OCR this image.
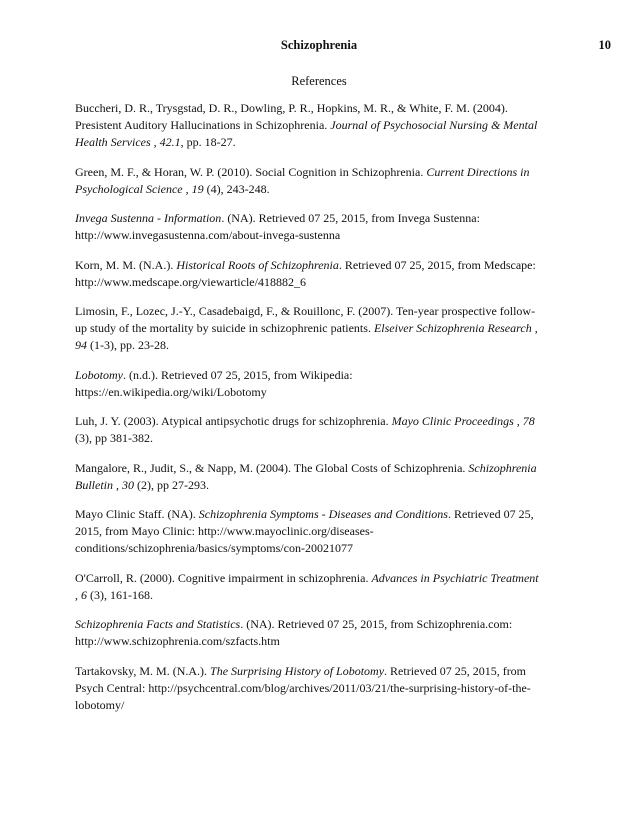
Schizophrenia	10
References
Buccheri, D. R., Trysgstad, D. R., Dowling, P. R., Hopkins, M. R., & White, F. M. (2004).
Presistent Auditory Hallucinations in Schizophrenia. Journal of Psychosocial Nursing & Mental
Health Services , 42.1, pp. 18-27.
Green, M. F., & Horan, W. P. (2010). Social Cognition in Schizophrenia. Current Directions in
Psychological Science , 19 (4), 243-248.
Invega Sustenna - Information. (NA). Retrieved 07 25, 2015, from Invega Sustenna:
http://www.invegasustenna.com/about-invega-sustenna
Korn, M. M. (N.A.). Historical Roots of Schizophrenia. Retrieved 07 25, 2015, from Medscape:
http://www.medscape.org/viewarticle/418882_6
Limosin, F., Lozec, J.-Y., Casadebaigd, F., & Rouillonc, F. (2007). Ten-year prospective follow-
up study of the mortality by suicide in schizophrenic patients. Elseiver Schizophrenia Research ,
94 (1-3), pp. 23-28.
Lobotomy. (n.d.). Retrieved 07 25, 2015, from Wikipedia:
https://en.wikipedia.org/wiki/Lobotomy
Luh, J. Y. (2003). Atypical antipsychotic drugs for schizophrenia. Mayo Clinic Proceedings , 78
(3), pp 381-382.
Mangalore, R., Judit, S., & Napp, M. (2004). The Global Costs of Schizophrenia. Schizophrenia
Bulletin , 30 (2), pp 27-293.
Mayo Clinic Staff. (NA). Schizophrenia Symptoms - Diseases and Conditions. Retrieved 07 25,
2015, from Mayo Clinic: http://www.mayoclinic.org/diseases-
conditions/schizophrenia/basics/symptoms/con-20021077
O'Carroll, R. (2000). Cognitive impairment in schizophrenia. Advances in Psychiatric Treatment
, 6 (3), 161-168.
Schizophrenia Facts and Statistics. (NA). Retrieved 07 25, 2015, from Schizophrenia.com:
http://www.schizophrenia.com/szfacts.htm
Tartakovsky, M. M. (N.A.). The Surprising History of Lobotomy. Retrieved 07 25, 2015, from
Psych Central: http://psychcentral.com/blog/archives/2011/03/21/the-surprising-history-of-the-
lobotomy/
